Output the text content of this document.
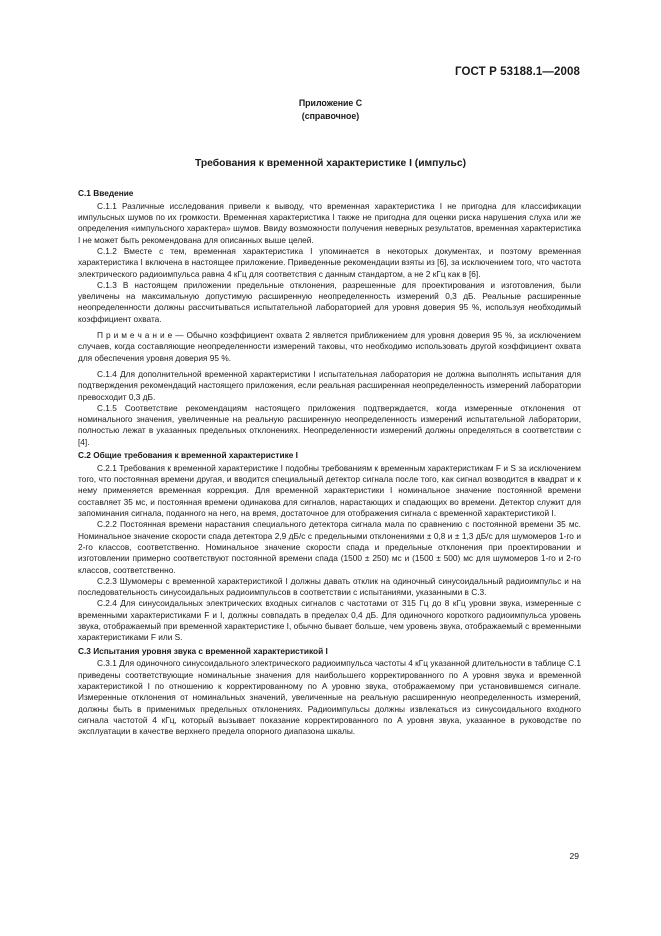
ГОСТ Р 53188.1—2008
Приложение С
(справочное)
Требования к временной характеристике I (импульс)

С.1 Введение

С.1.1 Различные исследования привели к выводу, что временная характеристика I не пригодна для классификации импульсных шумов по их громкости. Временная характеристика I также не пригодна для оценки риска нарушения слуха или же определения «импульсного характера» шумов. Ввиду возможности получения неверных результатов, временная характеристика I не может быть рекомендована для описанных выше целей.

С.1.2 Вместе с тем, временная характеристика I упоминается в некоторых документах, и поэтому временная характеристика I включена в настоящее приложение. Приведенные рекомендации взяты из [6], за исключением того, что частота электрического радиоимпульса равна 4 кГц для соответствия с данным стандартом, а не 2 кГц как в [6].

С.1.3 В настоящем приложении предельные отклонения, разрешенные для проектирования и изготовления, были увеличены на максимальную допустимую расширенную неопределенность измерений 0,3 дБ. Реальные расширенные неопределенности должны рассчитываться испытательной лабораторией для уровня доверия 95 %, используя необходимый коэффициент охвата.

П р и м е ч а н и е — Обычно коэффициент охвата 2 является приближением для уровня доверия 95 %, за исключением случаев, когда составляющие неопределенности измерений таковы, что необходимо использовать другой коэффициент охвата для обеспечения уровня доверия 95 %.

С.1.4 Для дополнительной временной характеристики I испытательная лаборатория не должна выполнять испытания для подтверждения рекомендаций настоящего приложения, если реальная расширенная неопределенность измерений лаборатории превосходит 0,3 дБ.

С.1.5 Соответствие рекомендациям настоящего приложения подтверждается, когда измеренные отклонения от номинального значения, увеличенные на реальную расширенную неопределенность измерений испытательной лаборатории, полностью лежат в указанных предельных отклонениях. Неопределенности измерений должны определяться в соответствии с [4].

С.2 Общие требования к временной характеристике I

С.2.1 Требования к временной характеристике I подобны требованиям к временным характеристикам F и S за исключением того, что постоянная времени другая, и вводится специальный детектор сигнала после того, как сигнал возводится в квадрат и к нему применяется временная коррекция. Для временной характеристики I номинальное значение постоянной времени составляет 35 мс, и постоянная времени одинакова для сигналов, нарастающих и спадающих во времени. Детектор служит для запоминания сигнала, поданного на него, на время, достаточное для отображения сигнала с временной характеристикой I.

С.2.2 Постоянная времени нарастания специального детектора сигнала мала по сравнению с постоянной времени 35 мс. Номинальное значение скорости спада детектора 2,9 дБ/с с предельными отклонениями ± 0,8 и ± 1,3 дБ/с для шумомеров 1-го и 2-го классов, соответственно. Номинальное значение скорости спада и предельные отклонения при проектировании и изготовлении примерно соответствуют постоянной времени спада (1500 ± 250) мс и (1500 ± 500) мс для шумомеров 1-го и 2-го классов, соответственно.

С.2.3 Шумомеры с временной характеристикой I должны давать отклик на одиночный синусоидальный радиоимпульс и на последовательность синусоидальных радиоимпульсов в соответствии с испытаниями, указанными в С.3.

С.2.4 Для синусоидальных электрических входных сигналов с частотами от 315 Гц до 8 кГц уровни звука, измеренные с временными характеристиками F и I, должны совпадать в пределах 0,4 дБ. Для одиночного короткого радиоимпульса уровень звука, отображаемый при временной характеристике I, обычно бывает больше, чем уровень звука, отображаемый с временными характеристиками F или S.

С.3 Испытания уровня звука с временной характеристикой I

С.3.1 Для одиночного синусоидального электрического радиоимпульса частоты 4 кГц указанной длительности в таблице С.1 приведены соответствующие номинальные значения для наибольшего корректированного по A уровня звука и временной характеристикой I по отношению к корректированному по A уровню звука, отображаемому при установившемся сигнале. Измеренные отклонения от номинальных значений, увеличенные на реальную расширенную неопределенность измерений, должны быть в применимых предельных отклонениях. Радиоимпульсы должны извлекаться из синусоидального входного сигнала частотой 4 кГц, который вызывает показание корректированного по A уровня звука, указанное в руководстве по эксплуатации в качестве верхнего предела опорного диапазона шкалы.

29
